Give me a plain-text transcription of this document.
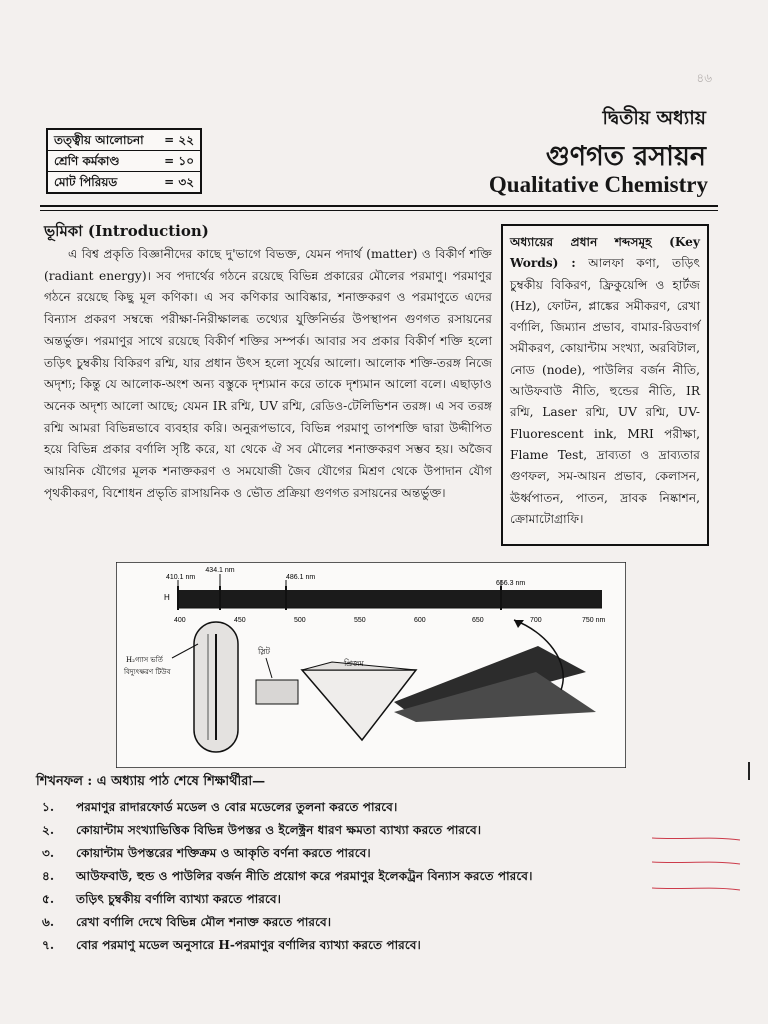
৪৬
তত্ত্বীয় আলোচনা = ২২
শ্রেণি কর্মকাণ্ড	= ১০
মোট পিরিয়ড	= ৩২
দ্বিতীয় অধ্যায়
গুণগত রসায়ন
Qualitative Chemistry
ভূমিকা (Introduction)

এ বিশ্ব প্রকৃতি বিজ্ঞানীদের কাছে দু'ভাগে বিভক্ত, যেমন পদার্থ (matter) ও বিকীর্ণ শক্তি (radiant energy)। সব পদার্থের গঠনে রয়েছে বিভিন্ন প্রকারের মৌলের পরমাণু। পরমাণুর গঠনে রয়েছে কিছু মূল কণিকা। এ সব কণিকার আবিষ্কার, শনাক্তকরণ ও পরমাণুতে এদের বিন্যাস প্রকরণ সম্বন্ধে পরীক্ষা-নিরীক্ষালব্ধ তথ্যের যুক্তিনির্ভর উপস্থাপন গুণগত রসায়নের অন্তর্ভুক্ত। পরমাণুর সাথে রয়েছে বিকীর্ণ শক্তির সম্পর্ক। আবার সব প্রকার বিকীর্ণ শক্তি হলো তড়িৎ চুম্বকীয় বিকিরণ রশ্মি, যার প্রধান উৎস হলো সূর্যের আলো। আলোক শক্তি-তরঙ্গ নিজে অদৃশ্য; কিন্তু যে আলোক-অংশ অন্য বস্তুকে দৃশ্যমান করে তাকে দৃশ্যমান আলো বলে। এছাড়াও অনেক অদৃশ্য আলো আছে; যেমন IR রশ্মি, UV রশ্মি, রেডিও-টেলিভিশন তরঙ্গ। এ সব তরঙ্গ রশ্মি আমরা বিভিন্নভাবে ব্যবহার করি। অনুরূপভাবে, বিভিন্ন পরমাণু তাপশক্তি দ্বারা উদ্দীপিত হয়ে বিভিন্ন প্রকার বর্ণালি সৃষ্টি করে, যা থেকে ঐ সব মৌলের শনাক্তকরণ সম্ভব হয়। অজৈব আয়নিক যৌগের মূলক শনাক্তকরণ ও সমযোজী জৈব যৌগের মিশ্রণ থেকে উপাদান যৌগ পৃথকীকরণ, বিশোধন প্রভৃতি রাসায়নিক ও ভৌত প্রক্রিয়া গুণগত রসায়নের অন্তর্ভুক্ত।

অধ্যায়ের প্রধান শব্দসমূহ (Key Words) : আলফা কণা, তড়িৎ চুম্বকীয় বিকিরণ, ফ্রিকুয়েন্সি ও হার্টজ (Hz), ফোটন, প্লাঙ্কের সমীকরণ, রেখা বর্ণালি, জিম্যান প্রভাব, বামার-রিডবার্গ সমীকরণ, কোয়ান্টাম সংখ্যা, অরবিটাল, নোড (node), পাউলির বর্জন নীতি, আউফবাউ নীতি, হুন্ডের নীতি, IR রশ্মি, Laser রশ্মি, UV রশ্মি, UV-Fluorescent ink, MRI পরীক্ষা, Flame Test, দ্রাব্যতা ও দ্রাব্যতার গুণফল, সম-আয়ন প্রভাব, কেলাসন, ঊর্ধ্বপাতন, পাতন, দ্রাবক নিষ্কাশন, ক্রোমাটোগ্রাফি।
434.1 nm
410.1 nm	486.1 nm
656.3 nm
H
400	450	500	550	600	650	700	750 nm
H₂গ্যাস ভর্তি
বিদ্যুৎক্ষরণ টিউব
স্লিট
প্রিজম
শিখনফল : এ অধ্যায় পাঠ শেষে শিক্ষার্থীরা—
১.	পরমাণুর রাদারফোর্ড মডেল ও বোর মডেলের তুলনা করতে পারবে।
২.	কোয়ান্টাম সংখ্যাভিত্তিক বিভিন্ন উপস্তর ও ইলেক্ট্রন ধারণ ক্ষমতা ব্যাখ্যা করতে পারবে।
৩.	কোয়ান্টাম উপস্তরের শক্তিক্রম ও আকৃতি বর্ণনা করতে পারবে।
৪.	আউফবাউ, হুন্ড ও পাউলির বর্জন নীতি প্রয়োগ করে পরমাণুর ইলেকট্রন বিন্যাস করতে পারবে।
৫.	তড়িৎ চুম্বকীয় বর্ণালি ব্যাখ্যা করতে পারবে।
৬.	রেখা বর্ণালি দেখে বিভিন্ন মৌল শনাক্ত করতে পারবে।
৭.	বোর পরমাণু মডেল অনুসারে H-পরমাণুর বর্ণালির ব্যাখ্যা করতে পারবে।
